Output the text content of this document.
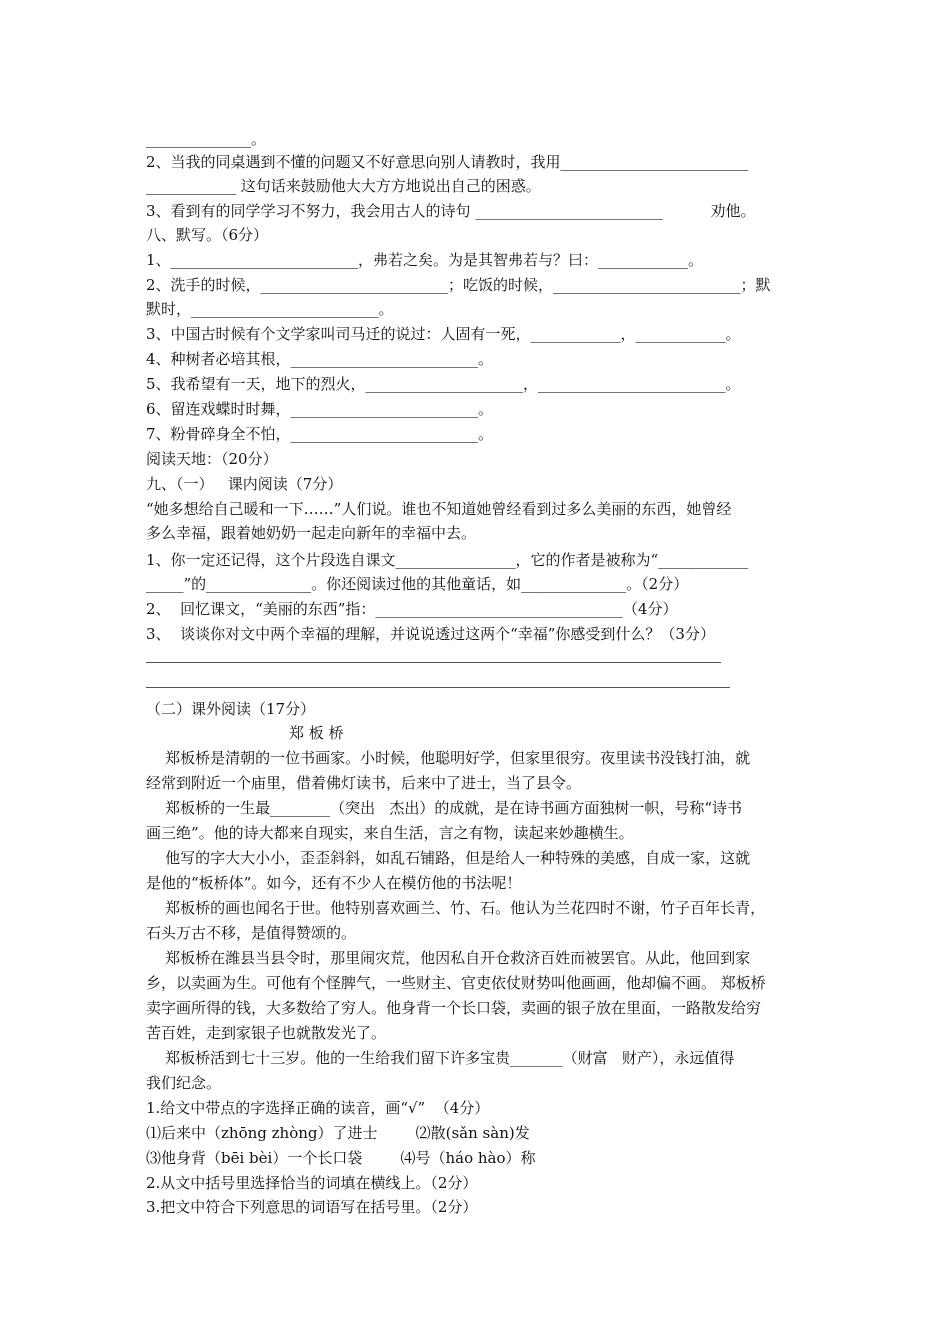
______________。
2、当我的同桌遇到不懂的问题又不好意思向别人请教时，我用_________________________
____________ 这句话来鼓励他大大方方地说出自己的困惑。
3、看到有的同学学习不努力，我会用古人的诗句 _________________________          劝他。
八、默写。（6分）
1、_________________________，弗若之矣。为是其智弗若与？曰：____________。
2、洗手的时候，_________________________；吃饭的时候，_________________________；默
默时，_________________________。
3、中国古时候有个文学家叫司马迁的说过：人固有一死，____________，____________。
4、种树者必培其根，_________________________。
5、我希望有一天，地下的烈火，_____________________，_________________________。
6、留连戏蝶时时舞，_________________________。
7、粉骨碎身全不怕，_________________________。
阅读天地：（20分）
九、（一）   课内阅读（7分）
“她多想给自己暖和一下……”人们说。谁也不知道她曾经看到过多么美丽的东西，她曾经
多么幸福，跟着她奶奶一起走向新年的幸福中去。
1、你一定还记得，这个片段选自课文________________，它的作者是被称为“____________
_____”的______________。你还阅读过他的其他童话，如______________。（2分）
2、  回忆课文，“美丽的东西”指：_________________________________（4分）
3、  谈谈你对文中两个幸福的理解，并说说透过这两个“幸福”你感受到什么？（3分）
（二）课外阅读（17分）
郑 板 桥
郑板桥是清朝的一位书画家。小时候，他聪明好学，但家里很穷。夜里读书没钱打油，就
经常到附近一个庙里，借着佛灯读书，后来中了进士，当了县令。
郑板桥的一生最________（突出   杰出）的成就，是在诗书画方面独树一帜，号称“诗书
画三绝”。他的诗大都来自现实，来自生活，言之有物，读起来妙趣横生。
他写的字大大小小，歪歪斜斜，如乱石铺路，但是给人一种特殊的美感，自成一家，这就
是他的“板桥体”。如今，还有不少人在模仿他的书法呢！
郑板桥的画也闻名于世。他特别喜欢画兰、竹、石。他认为兰花四时不谢，竹子百年长青，
石头万古不移，是值得赞颂的。
郑板桥在潍县当县令时，那里闹灾荒，他因私自开仓救济百姓而被罢官。从此，他回到家
乡，以卖画为生。可他有个怪脾气，一些财主、官吏依仗财势叫他画画，他却偏不画。 郑板桥
卖字画所得的钱，大多数给了穷人。他身背一个长口袋，卖画的银子放在里面，一路散发给穷
苦百姓，走到家银子也就散发光了。
郑板桥活到七十三岁。他的一生给我们留下许多宝贵_______（财富   财产），永远值得
我们纪念。
1.给文中带点的字选择正确的读音，画“√”  （4分）
⑴后来中（zhōng zhòng）了进士        ⑵散(sǎn sàn)发
⑶他身背（bēi bèi）一个长口袋        ⑷号（háo hào）称
2.从文中括号里选择恰当的词填在横线上。（2分）
3.把文中符合下列意思的词语写在括号里。（2分）
